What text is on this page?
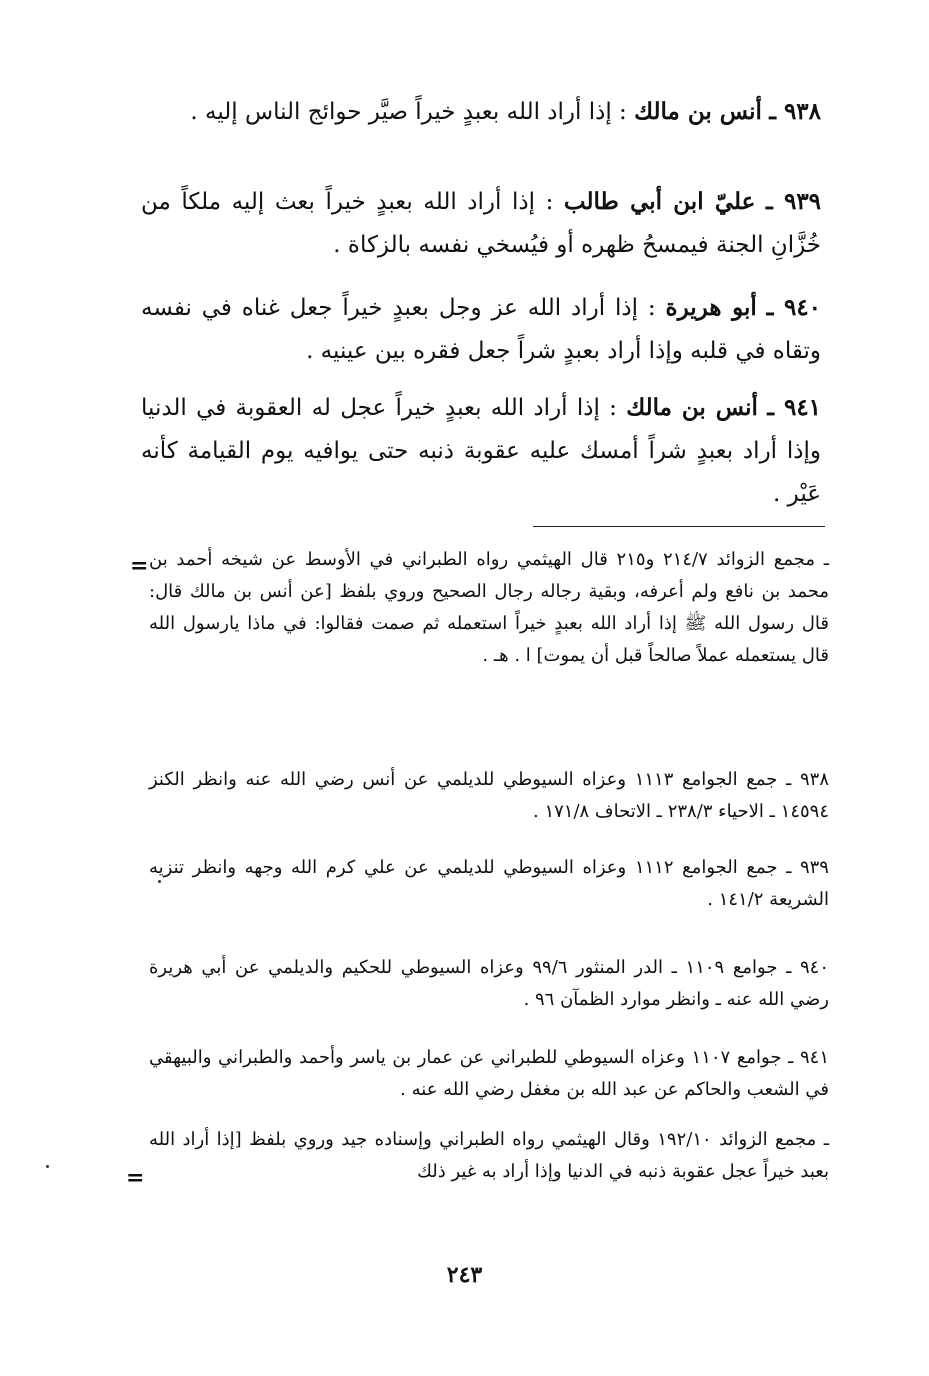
٩٣٨ ـ أنس بن مالك : إذا أراد الله بعبدٍ خيراً صيَّر حوائج الناس إليه .
٩٣٩ ـ عليّ ابن أبي طالب : إذا أراد الله بعبدٍ خيراً بعث إليه ملكاً من خُزَّانِ الجنة فيمسحُ ظهره أو فيُسخي نفسه بالزكاة .
٩٤٠ ـ أبو هريرة : إذا أراد الله عز وجل بعبدٍ خيراً جعل غناه في نفسه وتقاه في قلبه وإذا أراد بعبدٍ شراً جعل فقره بين عينيه .
٩٤١ ـ أنس بن مالك : إذا أراد الله بعبدٍ خيراً عجل له العقوبة في الدنيا وإذا أراد بعبدٍ شراً أمسك عليه عقوبة ذنبه حتى يوافيه يوم القيامة كأنه عَيْر .
= ـ مجمع الزوائد ٢١٤/٧ و٢١٥ قال الهيثمي رواه الطبراني في الأوسط عن شيخه أحمد بن محمد بن نافع ولم أعرفه، وبقية رجاله رجال الصحيح وروي بلفظ [عن أنس بن مالك قال: قال رسول الله ﷺ إذا أراد الله بعبدٍ خيراً استعمله ثم صمت فقالوا: في ماذا يارسول الله قال يستعمله عملاً صالحاً قبل أن يموت] ا . هـ .
٩٣٨ ـ جمع الجوامع ١١١٣ وعزاه السيوطي للديلمي عن أنس رضي الله عنه وانظر الكنز ١٤٥٩٤ ـ الاحياء ٢٣٨/٣ ـ الاتحاف ١٧١/٨ .
٩٣٩ ـ جمع الجوامع ١١١٢ وعزاه السيوطي للديلمي عن علي كرم الله وجهه وانظر تنزيه الشريعة ١٤١/٢ .
٩٤٠ ـ جوامع ١١٠٩ ـ الدر المنثور ٩٩/٦ وعزاه السيوطي للحكيم والديلمي عن أبي هريرة رضي الله عنه ـ وانظر موارد الظمآن ٩٦ .
٩٤١ ـ جوامع ١١٠٧ وعزاه السيوطي للطبراني عن عمار بن ياسر وأحمد والطبراني والبيهقي في الشعب والحاكم عن عبد الله بن مغفل رضي الله عنه .
ـ مجمع الزوائد ١٩٢/١٠ وقال الهيثمي رواه الطبراني وإسناده جيد وروي بلفظ [إذا أراد الله بعبد خيراً عجل عقوبة ذنبه في الدنيا وإذا أراد به غير ذلك
=
٢٤٣
